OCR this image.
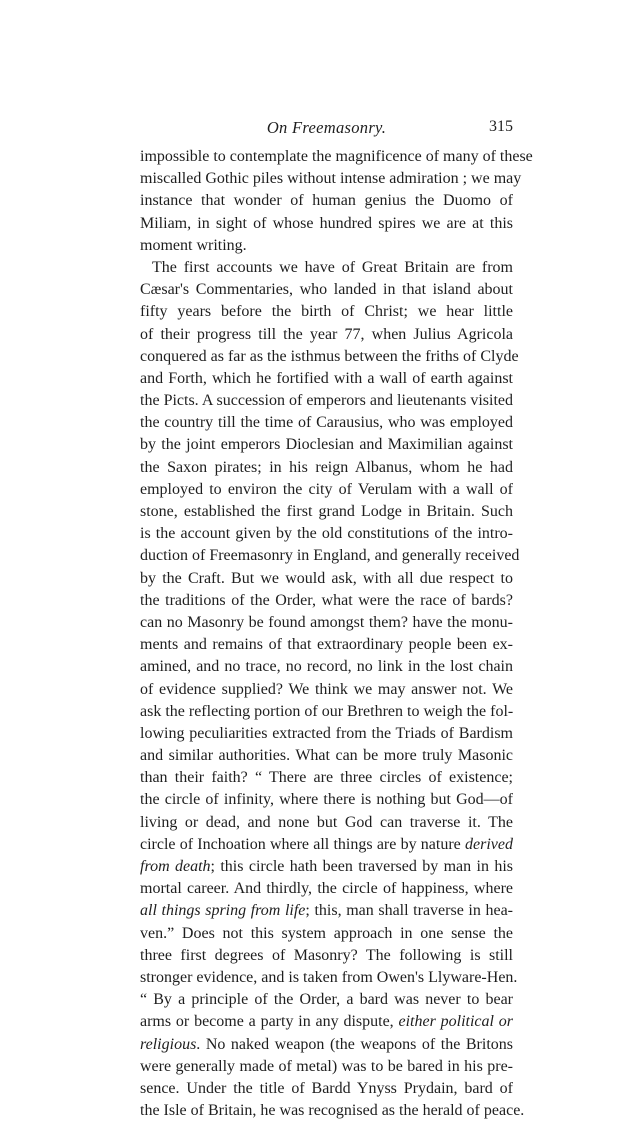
On Freemasonry.	315
impossible to contemplate the magnificence of many of these
miscalled Gothic piles without intense admiration ; we may
instance that wonder of human genius the Duomo of
Miliam, in sight of whose hundred spires we are at this
moment writing.
The first accounts we have of Great Britain are from
Cæsar's Commentaries, who landed in that island about
fifty years before the birth of Christ; we hear little
of their progress till the year 77, when Julius Agricola
conquered as far as the isthmus between the friths of Clyde
and Forth, which he fortified with a wall of earth against
the Picts. A succession of emperors and lieutenants visited
the country till the time of Carausius, who was employed
by the joint emperors Dioclesian and Maximilian against
the Saxon pirates; in his reign Albanus, whom he had
employed to environ the city of Verulam with a wall of
stone, established the first grand Lodge in Britain. Such
is the account given by the old constitutions of the intro-
duction of Freemasonry in England, and generally received
by the Craft. But we would ask, with all due respect to
the traditions of the Order, what were the race of bards?
can no Masonry be found amongst them? have the monu-
ments and remains of that extraordinary people been ex-
amined, and no trace, no record, no link in the lost chain
of evidence supplied? We think we may answer not. We
ask the reflecting portion of our Brethren to weigh the fol-
lowing peculiarities extracted from the Triads of Bardism
and similar authorities. What can be more truly Masonic
than their faith? “ There are three circles of existence;
the circle of infinity, where there is nothing but God—of
living or dead, and none but God can traverse it. The
circle of Inchoation where all things are by nature derived
from death; this circle hath been traversed by man in his
mortal career. And thirdly, the circle of happiness, where
all things spring from life; this, man shall traverse in hea-
ven.” Does not this system approach in one sense the
three first degrees of Masonry? The following is still
stronger evidence, and is taken from Owen's Llyware-Hen.
“ By a principle of the Order, a bard was never to bear
arms or become a party in any dispute, either political or
religious. No naked weapon (the weapons of the Britons
were generally made of metal) was to be bared in his pre-
sence. Under the title of Bardd Ynyss Prydain, bard of
the Isle of Britain, he was recognised as the herald of peace.
